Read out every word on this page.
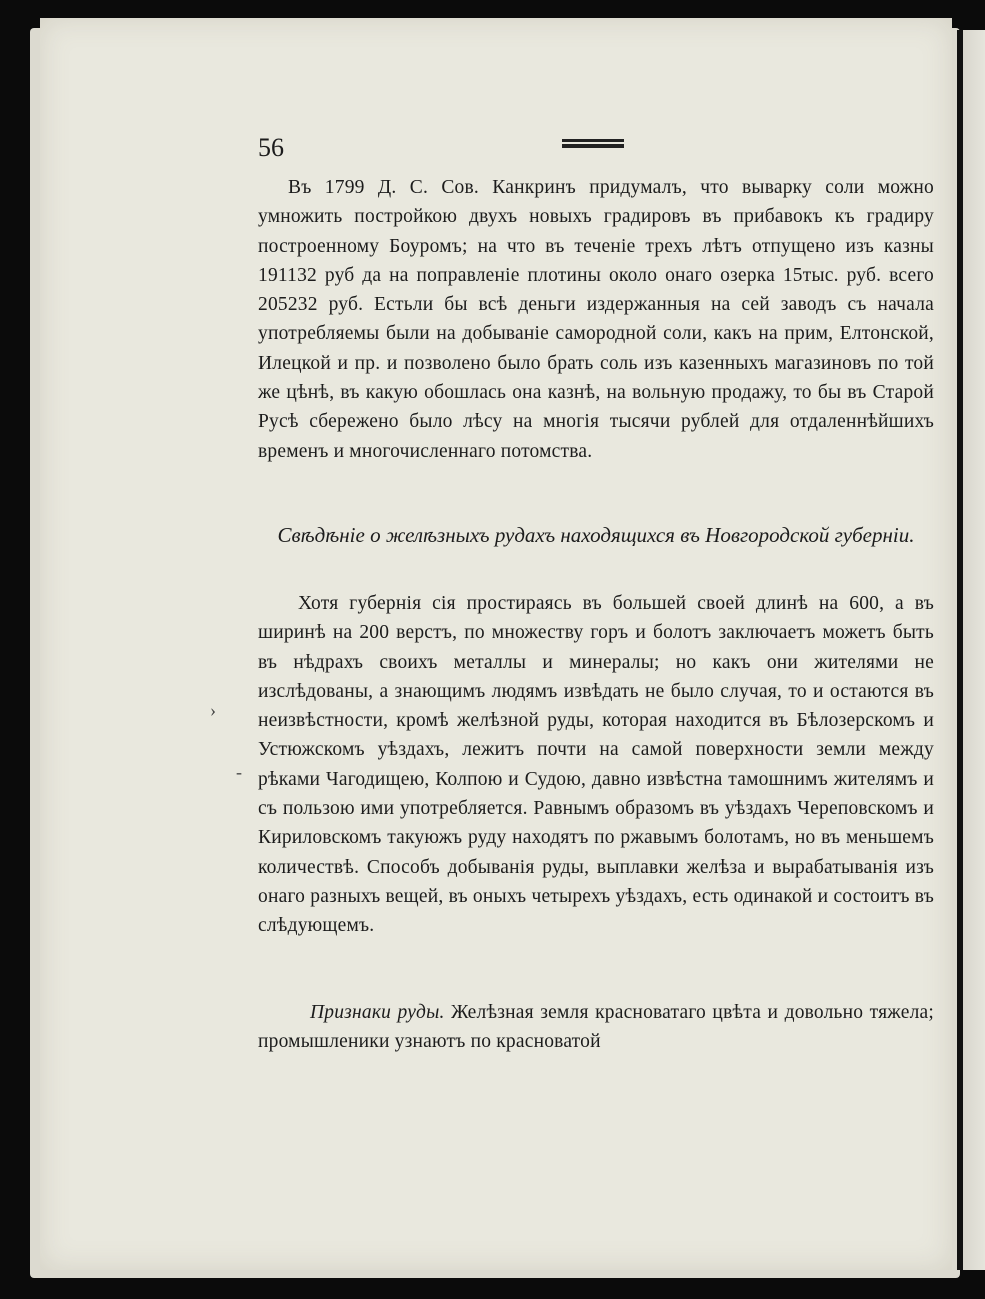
56
Въ 1799 Д. С. Сов. Канкринъ придумалъ, что выварку соли можно умножить постройкою двухъ новыхъ градировъ въ прибавокъ къ градиру построенному Боуромъ; на что въ теченіе трехъ лѣтъ отпущено изъ казны 191132 руб да на поправленіе плотины около онаго озерка 15тыс. руб. всего 205232 руб. Естьли бы всѣ деньги издержанныя на сей заводъ съ начала употребляемы были на добываніе самородной соли, какъ на прим, Елтонской, Илецкой и пр. и позволено было брать соль изъ казенныхъ магазиновъ по той же цѣнѣ, въ какую обошлась она казнѣ, на вольную продажу, то бы въ Старой Русѣ сбережено было лѣсу на многія тысячи рублей для отдаленнѣйшихъ временъ и многочисленнаго потомства.
Свѣдѣніе о желѣзныхъ рудахъ находящихся въ Новгородской губерніи.
Хотя губернія сія простираясь въ большей своей длинѣ на 600, а въ ширинѣ на 200 верстъ, по множеству горъ и болотъ заключаетъ можетъ быть въ нѣдрахъ своихъ металлы и минералы; но какъ они жителями не изслѣдованы, а знающимъ людямъ извѣдать не было случая, то и остаются въ неизвѣстности, кромѣ желѣзной руды, которая находится въ Бѣлозерскомъ и Устюжскомъ уѣздахъ, лежитъ почти на самой поверхности земли между рѣками Чагодищею, Колпою и Судою, давно извѣстна тамошнимъ жителямъ и съ пользою ими употребляется. Равнымъ образомъ въ уѣздахъ Череповскомъ и Кириловскомъ такуюжъ руду находятъ по ржавымъ болотамъ, но въ меньшемъ количествѣ. Способъ добыванія руды, выплавки желѣза и вырабатыванія изъ онаго разныхъ вещей, въ оныхъ четырехъ уѣздахъ, есть одинакой и состоитъ въ слѣдующемъ.
Признаки руды. Желѣзная земля красноватаго цвѣта и довольно тяжела; промышленики узнаютъ по красноватой
›
-
